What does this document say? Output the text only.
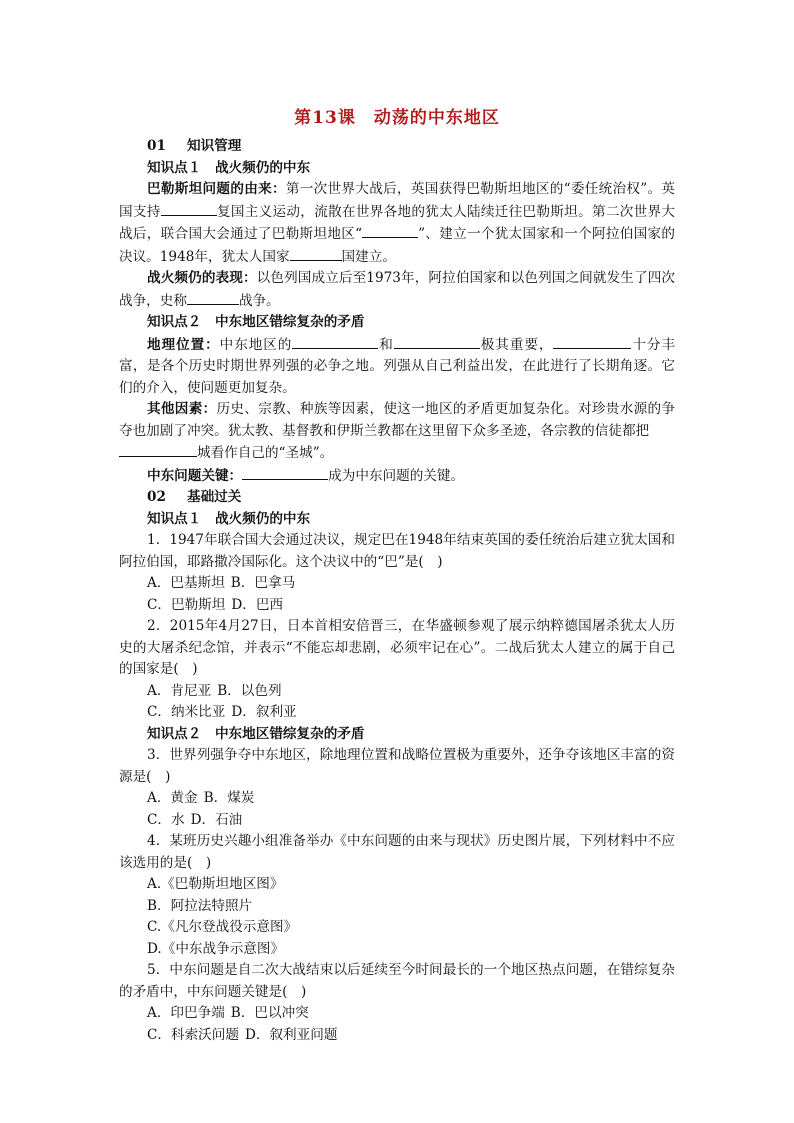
第13课　动荡的中东地区
01 知识管理
知识点１　战火频仍的中东
巴勒斯坦问题的由来：第一次世界大战后，英国获得巴勒斯坦地区的“委任统治权”。英国支持	复国主义运动，流散在世界各地的犹太人陆续迁往巴勒斯坦。第二次世界大战后，联合国大会通过了巴勒斯坦地区“	”、建立一个犹太国家和一个阿拉伯国家的决议。1948年，犹太人国家	国建立。
战火频仍的表现：以色列国成立后至1973年，阿拉伯国家和以色列国之间就发生了四次战争，史称	战争。
知识点２　中东地区错综复杂的矛盾
地理位置：中东地区的	和	极其重要，	十分丰富，是各个历史时期世界列强的必争之地。列强从自己利益出发，在此进行了长期角逐。它们的介入，使问题更加复杂。
其他因素：历史、宗教、种族等因素，使这一地区的矛盾更加复杂化。对珍贵水源的争夺也加剧了冲突。犹太教、基督教和伊斯兰教都在这里留下众多圣迹，各宗教的信徒都把
城看作自己的“圣城”。
中东问题关键：	成为中东问题的关键。
02 基础过关
知识点１　战火频仍的中东
1．1947年联合国大会通过决议，规定巴在1948年结束英国的委任统治后建立犹太国和阿拉伯国，耶路撒冷国际化。这个决议中的“巴”是(　)
A．巴基斯坦 B．巴拿马
C．巴勒斯坦 D．巴西
2．2015年4月27日，日本首相安倍晋三，在华盛顿参观了展示纳粹德国屠杀犹太人历史的大屠杀纪念馆，并表示“不能忘却悲剧，必须牢记在心”。二战后犹太人建立的属于自己的国家是(　)
A．肯尼亚 B．以色列
C．纳米比亚 D．叙利亚
知识点２　中东地区错综复杂的矛盾
3．世界列强争夺中东地区，除地理位置和战略位置极为重要外，还争夺该地区丰富的资源是(　)
A．黄金 B．煤炭
C．水 D．石油
4．某班历史兴趣小组准备举办《中东问题的由来与现状》历史图片展，下列材料中不应该选用的是(　)
A.《巴勒斯坦地区图》
B．阿拉法特照片
C.《凡尔登战役示意图》
D.《中东战争示意图》
5．中东问题是自二次大战结束以后延续至今时间最长的一个地区热点问题，在错综复杂的矛盾中，中东问题关键是(　)
A．印巴争端 B．巴以冲突
C．科索沃问题 D．叙利亚问题
